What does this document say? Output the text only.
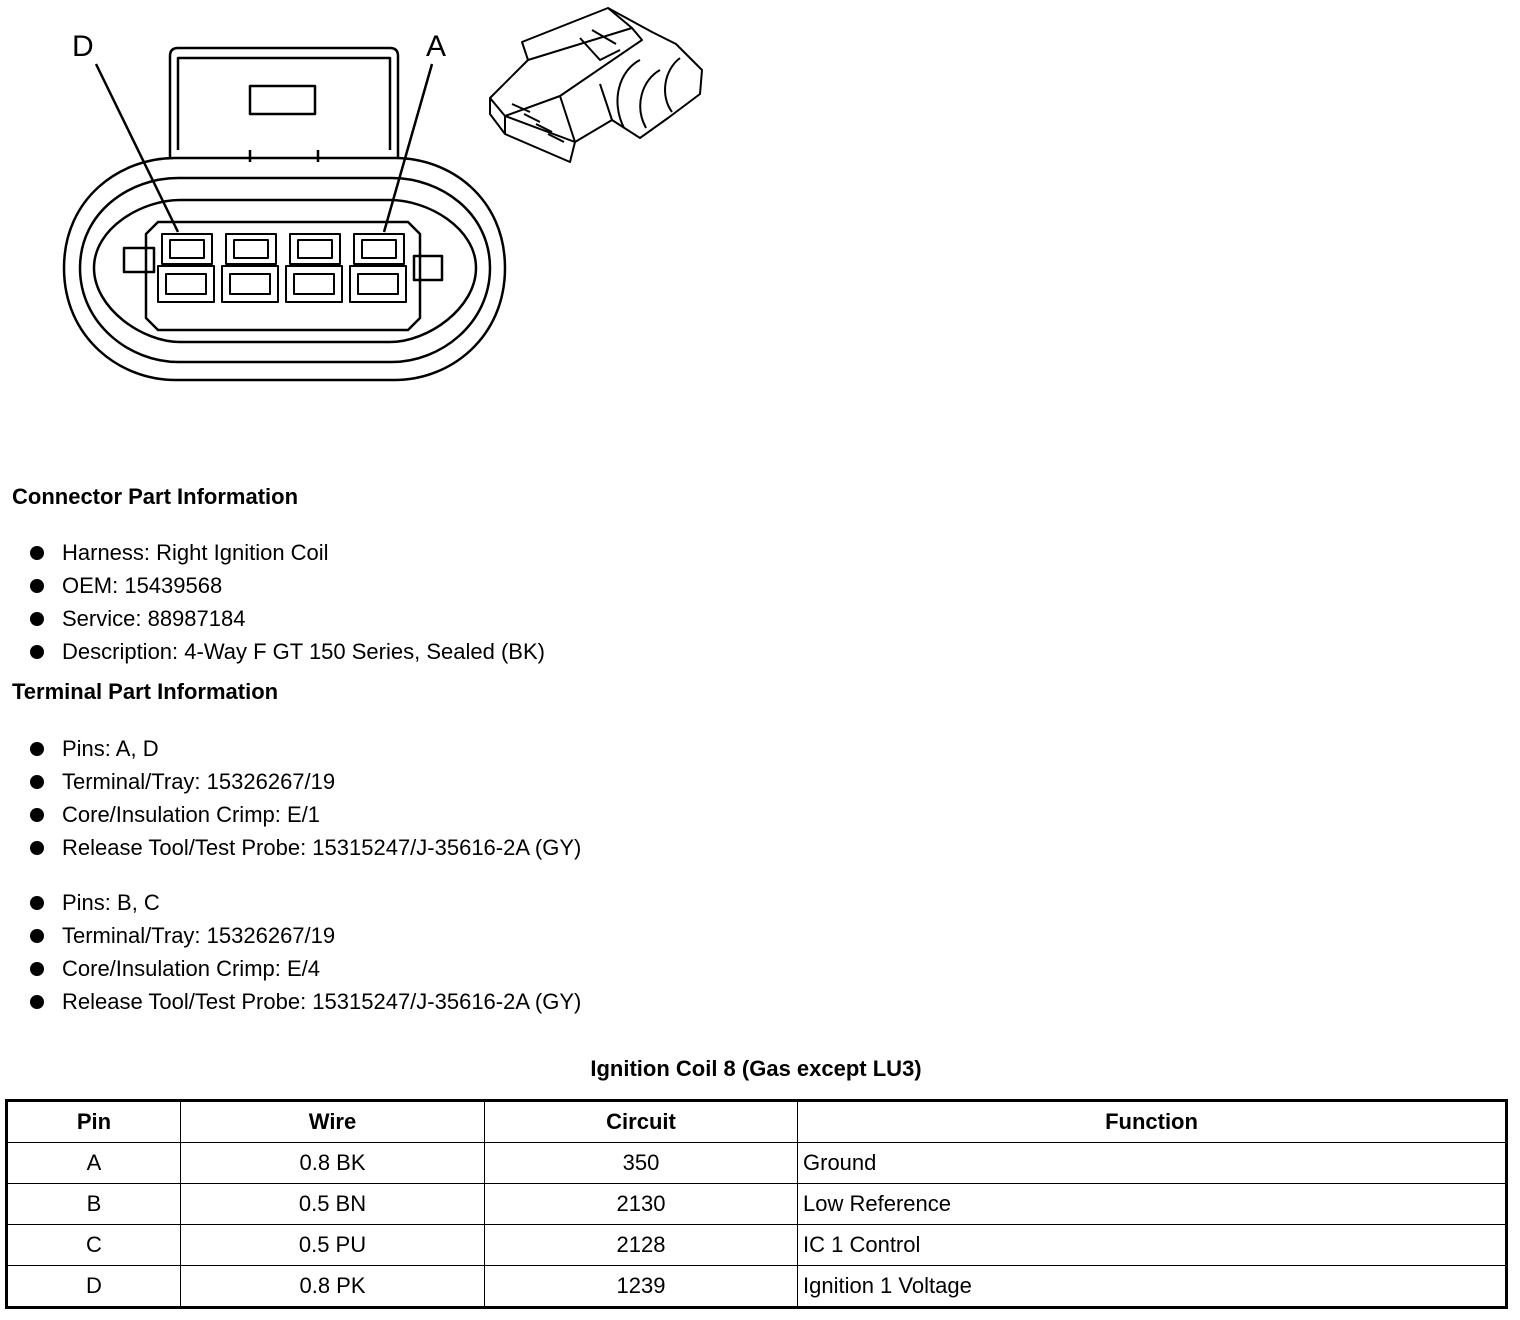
D	A
Connector Part Information
Harness: Right Ignition Coil
OEM: 15439568
Service: 88987184
Description: 4-Way F GT 150 Series, Sealed (BK)
Terminal Part Information
Pins: A, D
Terminal/Tray: 15326267/19
Core/Insulation Crimp: E/1
Release Tool/Test Probe: 15315247/J-35616-2A (GY)
Pins: B, C
Terminal/Tray: 15326267/19
Core/Insulation Crimp: E/4
Release Tool/Test Probe: 15315247/J-35616-2A (GY)
Ignition Coil 8 (Gas except LU3)
Pin	Wire	Circuit	Function
A	0.8 BK	350	Ground
B	0.5 BN	2130	Low Reference
C	0.5 PU	2128	IC 1 Control
D	0.8 PK	1239	Ignition 1 Voltage
